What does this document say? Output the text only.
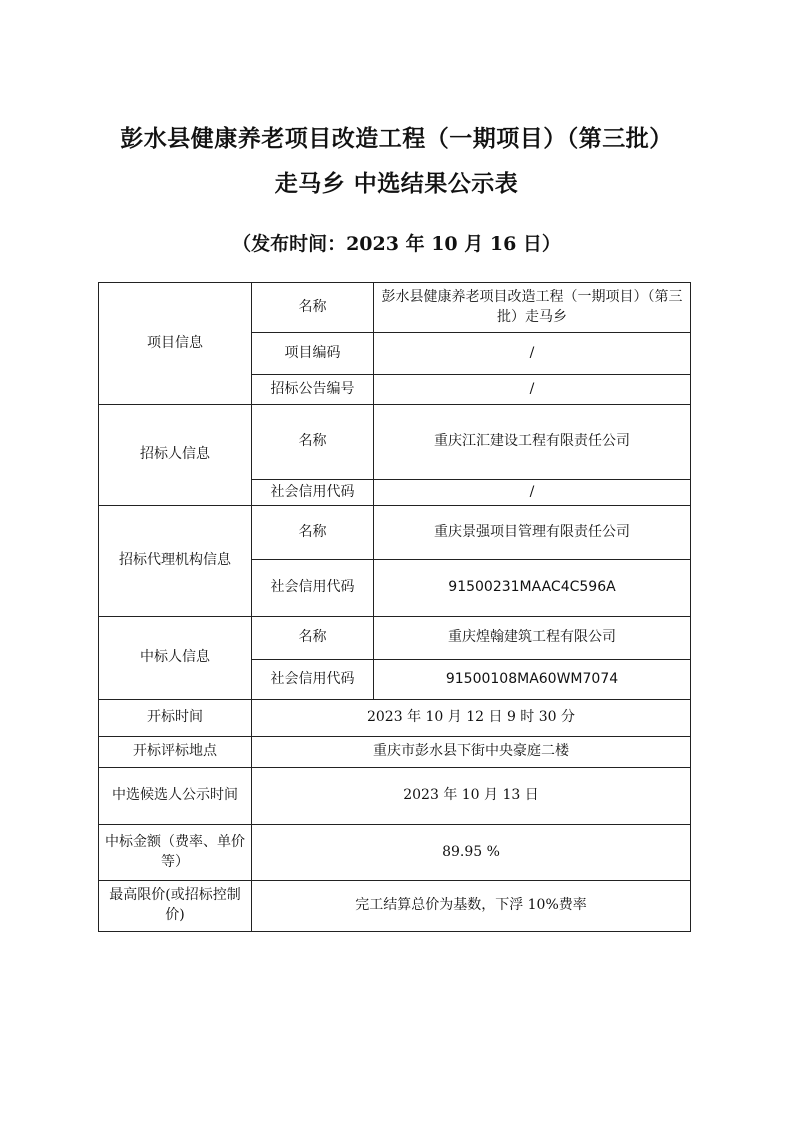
彭水县健康养老项目改造工程（一期项目）（第三批）
走马乡 中选结果公示表
（发布时间：2023 年 10 月 16 日）
项目信息	名称	彭水县健康养老项目改造工程（一期项目）（第三批）走马乡
	项目编码	/
	招标公告编号	/
招标人信息	名称	重庆江汇建设工程有限责任公司
	社会信用代码	/
招标代理机构信息	名称	重庆景强项目管理有限责任公司
	社会信用代码	91500231MAAC4C596A
中标人信息	名称	重庆煌翰建筑工程有限公司
	社会信用代码	91500108MA60WM7074
开标时间	2023 年 10 月 12 日 9 时 30 分	
开标评标地点	重庆市彭水县下街中央豪庭二楼	
中选候选人公示时间	2023 年 10 月 13 日	
中标金额（费率、单价等）	89.95 %	
最高限价(或招标控制价)	完工结算总价为基数，下浮 10%费率	
